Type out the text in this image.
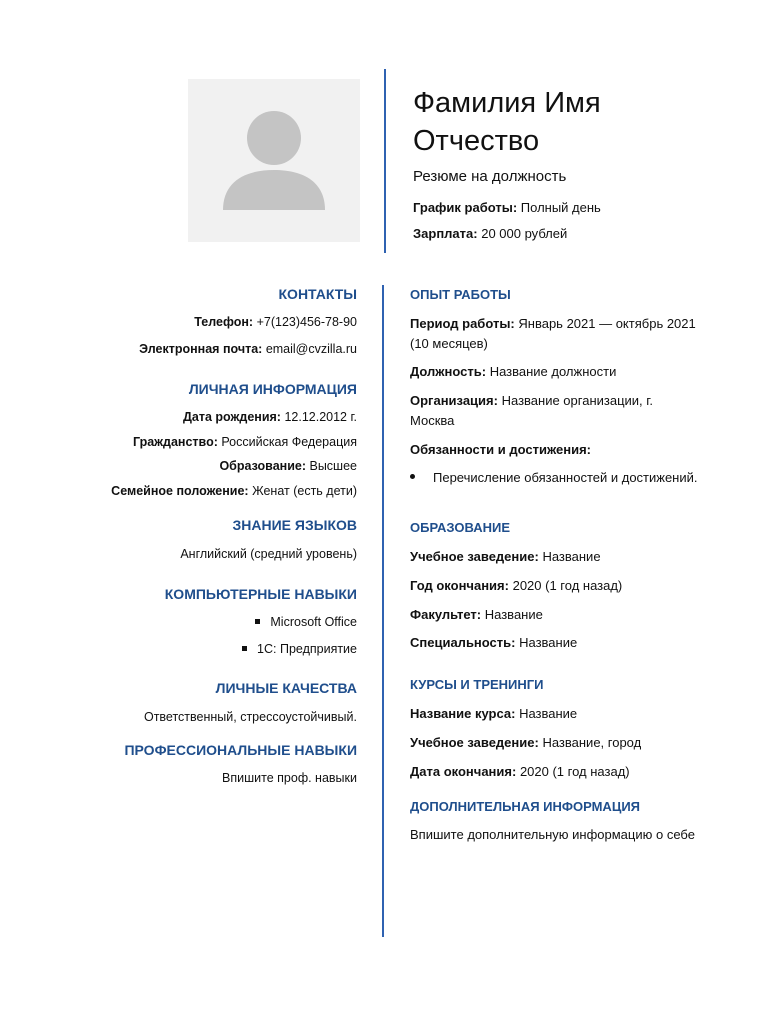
Фамилия Имя Отчество
Резюме на должность
График работы: Полный день
Зарплата: 20 000 рублей
КОНТАКТЫ
Телефон: +7(123)456-78-90
Электронная почта: email@cvzilla.ru
ЛИЧНАЯ ИНФОРМАЦИЯ
Дата рождения: 12.12.2012 г.
Гражданство: Российская Федерация
Образование: Высшее
Семейное положение: Женат (есть дети)
ЗНАНИЕ ЯЗЫКОВ
Английский (средний уровень)
КОМПЬЮТЕРНЫЕ НАВЫКИ
Microsoft Office
1С: Предприятие
ЛИЧНЫЕ КАЧЕСТВА
Ответственный, стрессоустойчивый.
ПРОФЕССИОНАЛЬНЫЕ НАВЫКИ
Впишите проф. навыки
ОПЫТ РАБОТЫ
Период работы: Январь 2021 — октябрь 2021 (10 месяцев)
Должность: Название должности
Организация: Название организации, г. Москва
Обязанности и достижения:
Перечисление обязанностей и достижений.
ОБРАЗОВАНИЕ
Учебное заведение: Название
Год окончания: 2020 (1 год назад)
Факультет: Название
Специальность: Название
КУРСЫ И ТРЕНИНГИ
Название курса: Название
Учебное заведение: Название, город
Дата окончания: 2020 (1 год назад)
ДОПОЛНИТЕЛЬНАЯ ИНФОРМАЦИЯ
Впишите дополнительную информацию о себе
